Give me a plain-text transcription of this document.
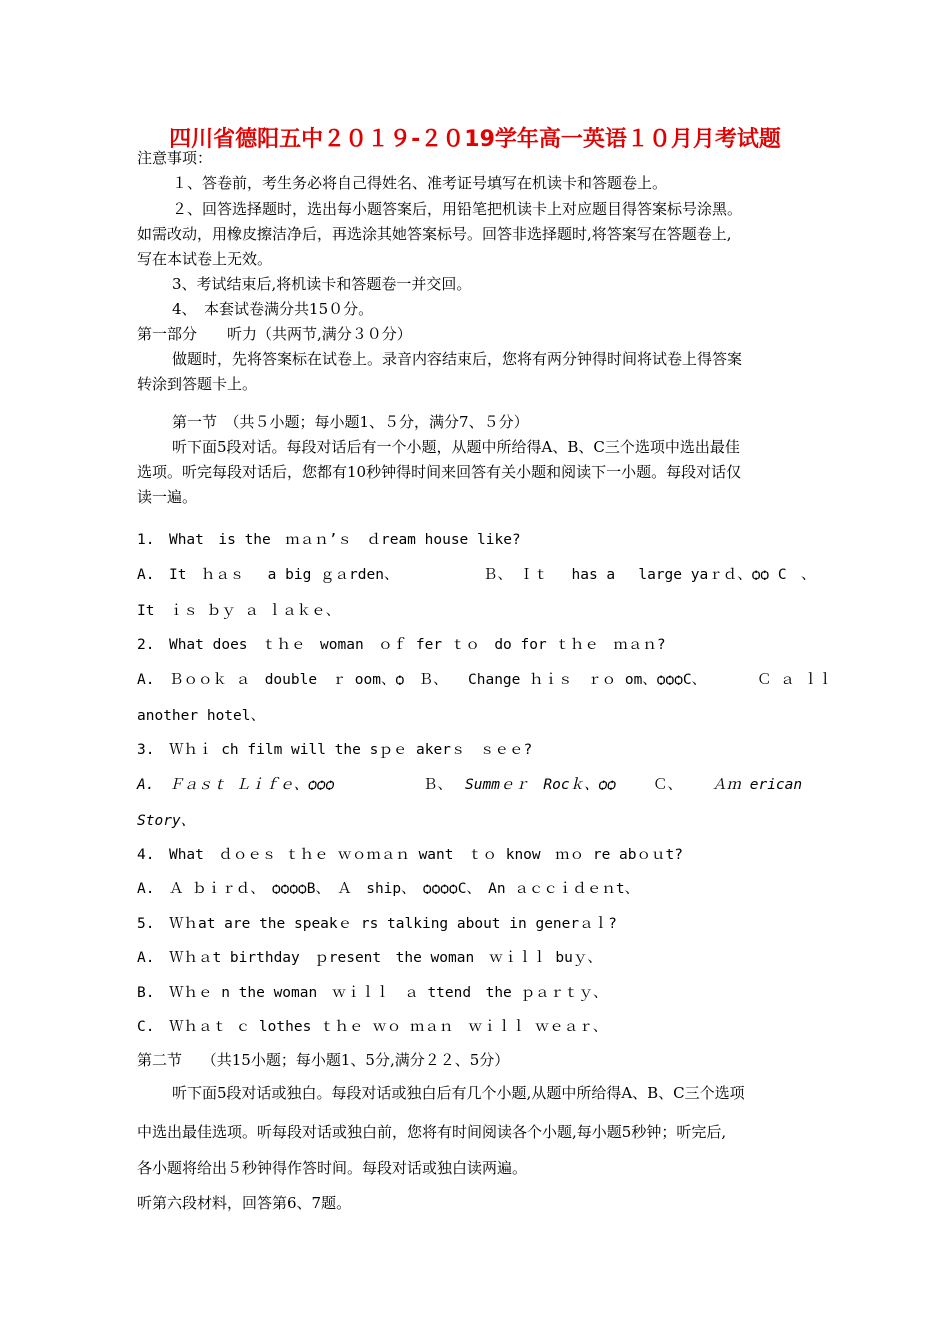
四川省德阳五中２０１９-２０19学年高一英语１０月月考试题
注意事项：
１、答卷前，考生务必将自己得姓名、准考证号填写在机读卡和答题卷上。
２、回答选择题时，选出每小题答案后，用铅笔把机读卡上对应题目得答案标号涂黑。
如需改动，用橡皮擦洁净后，再选涂其她答案标号。回答非选择题时,将答案写在答题卷上,
写在本试卷上无效。
3、考试结束后,将机读卡和答题卷一并交回。
4、　本套试卷满分共15０分。
第一部分　　听力（共两节,满分３０分）
做题时，先将答案标在试卷上。录音内容结束后，您将有两分钟得时间将试卷上得答案
转涂到答题卡上。
第一节　（共５小题；每小题1、５分，满分7、５分）
听下面5段对话。每段对话后有一个小题，从题中所给得A、B、C三个选项中选出最佳
选项。听完每段对话后，您都有10秒钟得时间来回答有关小题和阅读下一小题。每段对话仅
读一遍。
1.　What　is the　ｍａｎ’ｓ　ｄream house like?
A.　It　ｈａｓ　 a big ｇａrden、	Ｂ、　Ｉｔ　 has a　 large yaｒｄ、ѻѻ C　、
It　ｉｓ ｂｙ ａ ｌａｋｅ、
2.　What does　ｔｈｅ　woman　ｏｆ fer ｔｏ　do for ｔｈｅ　ｍａｎ?
A.　Ｂｏｏｋ ａ　double　ｒ oom、ѻ　Ｂ、 Change ｈｉｓ　ｒｏ om、ѻѻѻC、	Ｃ ａ ｌｌ
another hotel、
3.　Ｗｈｉ ch film will the sｐｅ akerｓ　ｓｅｅ?
A.　Ｆａｓｔ Ｌｉｆｅ、ѻѻѻ	Ｂ、 Summｅｒ　Rocｋ、ѻѻ	Ｃ、 Ａｍ erican
Story、
4.　What　ｄｏｅｓ ｔｈｅ ｗｏｍａｎ want　ｔｏ know　ｍｏ re abｏｕt?
A.　Ａ ｂｉｒｄ、　ѻѻѻѻB、　Ａ　ship、　ѻѻѻѻC、　An ａｃｃｉｄｅｎt、
5.　Ｗｈat are the speakｅ rs talking about in generａｌ?
A.　Ｗｈａt birthday　ｐresent　the woman　ｗｉｌｌ buｙ、
B.　Ｗｈｅ n the woman　ｗｉｌｌ　ａ ttend　the ｐａｒｔｙ、
C.　Ｗｈａｔ ｃ lothes ｔｈｅ ｗｏ ｍａｎ　ｗｉｌｌ ｗｅａｒ、
第二节　 （共15小题；每小题1、5分,满分２２、5分）
听下面5段对话或独白。每段对话或独白后有几个小题,从题中所给得A、B、C三个选项
中选出最佳选项。听每段对话或独白前，您将有时间阅读各个小题,每小题5秒钟；听完后,
各小题将给出５秒钟得作答时间。每段对话或独白读两遍。
听第六段材料，回答第6、7题。
